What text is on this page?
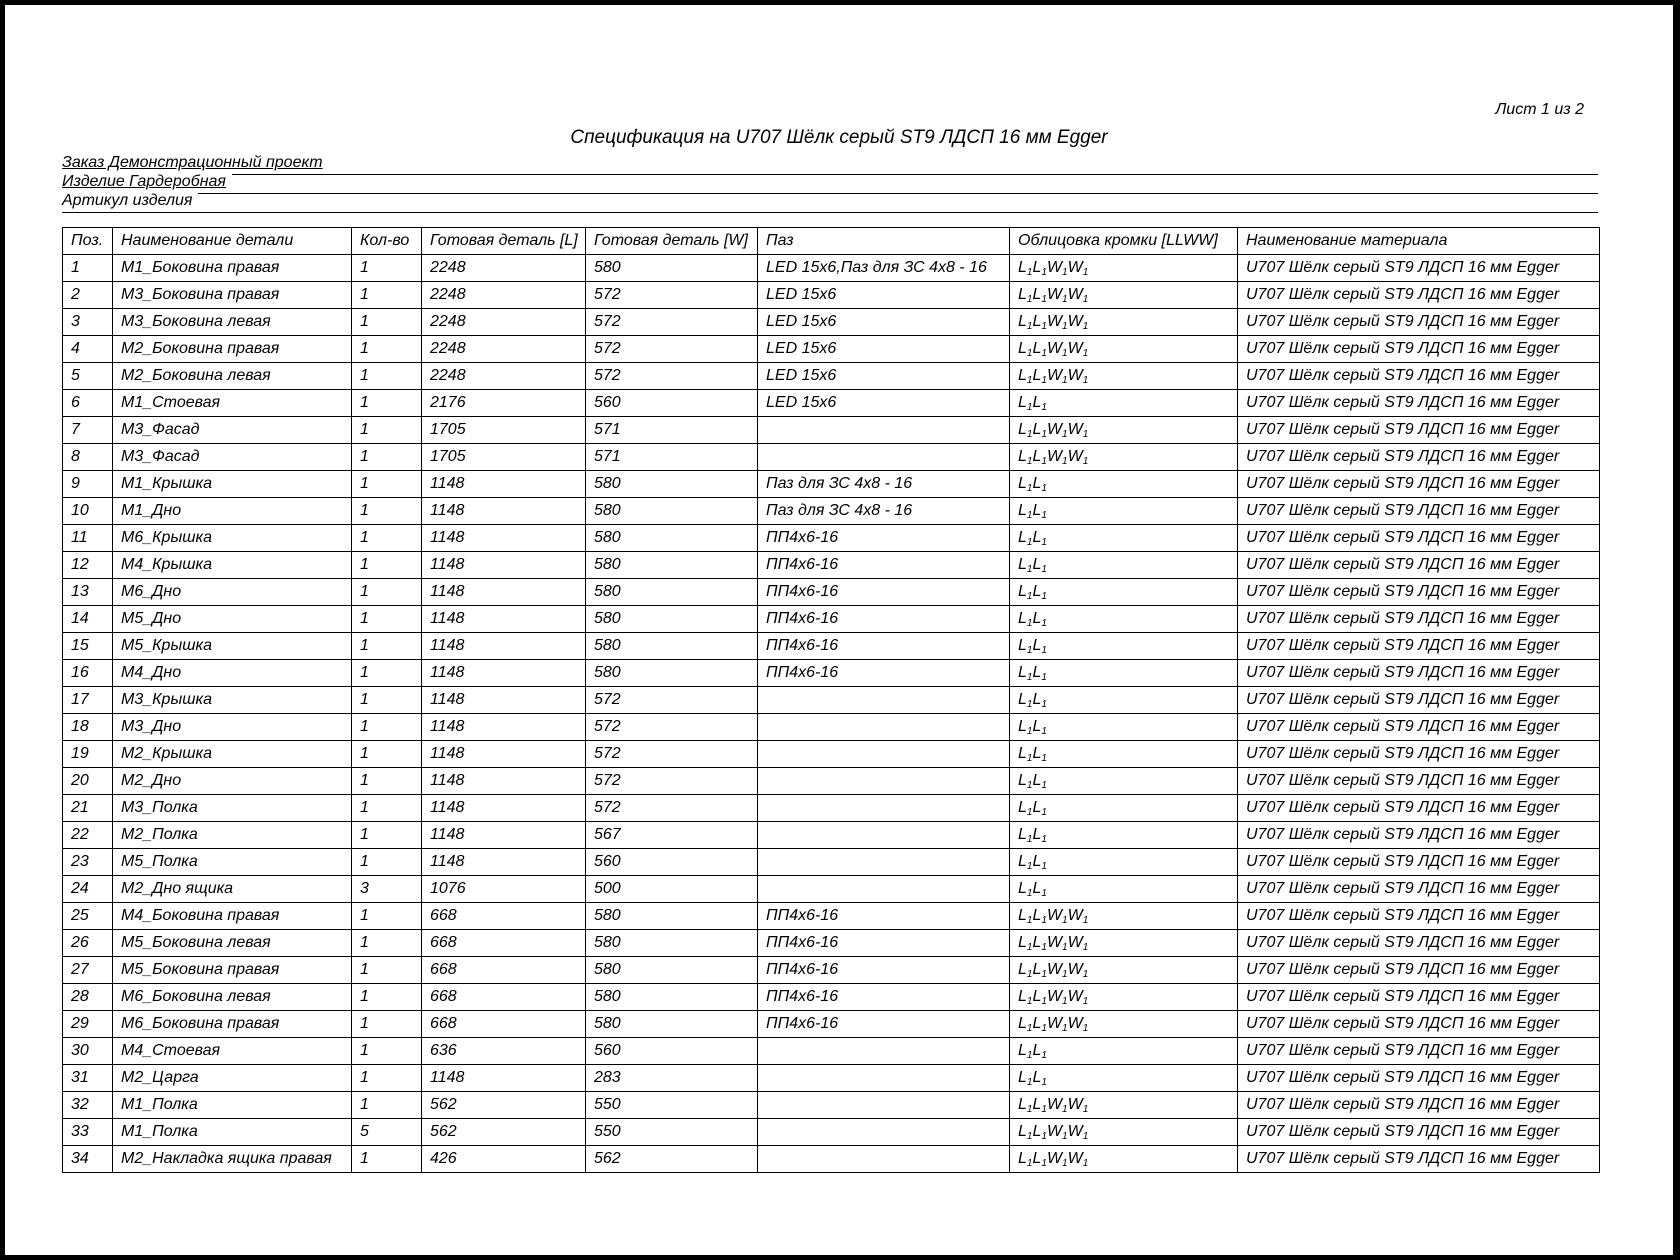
Лист 1 из 2
Спецификация на U707 Шёлк серый ST9 ЛДСП 16 мм Egger
Заказ Демонстрационный проект
Изделие Гардеробная
Артикул изделия
Поз.	Наименование детали	Кол-во	Готовая деталь [L]	Готовая деталь [W]	Паз	Облицовка кромки [LLWW]	Наименование материала
1	М1_Боковина правая	1	2248	580	LED 15x6,Паз для ЗС 4х8 - 16	$L_1L_1W_1W_1$	U707 Шёлк серый ST9 ЛДСП 16 мм Egger
2	М3_Боковина правая	1	2248	572	LED 15x6	$L_1L_1W_1W_1$	U707 Шёлк серый ST9 ЛДСП 16 мм Egger
3	М3_Боковина левая	1	2248	572	LED 15x6	$L_1L_1W_1W_1$	U707 Шёлк серый ST9 ЛДСП 16 мм Egger
4	М2_Боковина правая	1	2248	572	LED 15x6	$L_1L_1W_1W_1$	U707 Шёлк серый ST9 ЛДСП 16 мм Egger
5	М2_Боковина левая	1	2248	572	LED 15x6	$L_1L_1W_1W_1$	U707 Шёлк серый ST9 ЛДСП 16 мм Egger
6	М1_Стоевая	1	2176	560	LED 15x6	$L_1L_1$	U707 Шёлк серый ST9 ЛДСП 16 мм Egger
7	М3_Фасад	1	1705	571		$L_1L_1W_1W_1$	U707 Шёлк серый ST9 ЛДСП 16 мм Egger
8	М3_Фасад	1	1705	571		$L_1L_1W_1W_1$	U707 Шёлк серый ST9 ЛДСП 16 мм Egger
9	М1_Крышка	1	1148	580	Паз для ЗС 4х8 - 16	$L_1L_1$	U707 Шёлк серый ST9 ЛДСП 16 мм Egger
10	М1_Дно	1	1148	580	Паз для ЗС 4х8 - 16	$L_1L_1$	U707 Шёлк серый ST9 ЛДСП 16 мм Egger
11	М6_Крышка	1	1148	580	ПП4х6-16	$L_1L_1$	U707 Шёлк серый ST9 ЛДСП 16 мм Egger
12	М4_Крышка	1	1148	580	ПП4х6-16	$L_1L_1$	U707 Шёлк серый ST9 ЛДСП 16 мм Egger
13	М6_Дно	1	1148	580	ПП4х6-16	$L_1L_1$	U707 Шёлк серый ST9 ЛДСП 16 мм Egger
14	М5_Дно	1	1148	580	ПП4х6-16	$L_1L_1$	U707 Шёлк серый ST9 ЛДСП 16 мм Egger
15	М5_Крышка	1	1148	580	ПП4х6-16	$L_1L_1$	U707 Шёлк серый ST9 ЛДСП 16 мм Egger
16	М4_Дно	1	1148	580	ПП4х6-16	$L_1L_1$	U707 Шёлк серый ST9 ЛДСП 16 мм Egger
17	М3_Крышка	1	1148	572		$L_1L_1$	U707 Шёлк серый ST9 ЛДСП 16 мм Egger
18	М3_Дно	1	1148	572		$L_1L_1$	U707 Шёлк серый ST9 ЛДСП 16 мм Egger
19	М2_Крышка	1	1148	572		$L_1L_1$	U707 Шёлк серый ST9 ЛДСП 16 мм Egger
20	М2_Дно	1	1148	572		$L_1L_1$	U707 Шёлк серый ST9 ЛДСП 16 мм Egger
21	М3_Полка	1	1148	572		$L_1L_1$	U707 Шёлк серый ST9 ЛДСП 16 мм Egger
22	М2_Полка	1	1148	567		$L_1L_1$	U707 Шёлк серый ST9 ЛДСП 16 мм Egger
23	М5_Полка	1	1148	560		$L_1L_1$	U707 Шёлк серый ST9 ЛДСП 16 мм Egger
24	М2_Дно ящика	3	1076	500		$L_1L_1$	U707 Шёлк серый ST9 ЛДСП 16 мм Egger
25	М4_Боковина правая	1	668	580	ПП4х6-16	$L_1L_1W_1W_1$	U707 Шёлк серый ST9 ЛДСП 16 мм Egger
26	М5_Боковина левая	1	668	580	ПП4х6-16	$L_1L_1W_1W_1$	U707 Шёлк серый ST9 ЛДСП 16 мм Egger
27	М5_Боковина правая	1	668	580	ПП4х6-16	$L_1L_1W_1W_1$	U707 Шёлк серый ST9 ЛДСП 16 мм Egger
28	М6_Боковина левая	1	668	580	ПП4х6-16	$L_1L_1W_1W_1$	U707 Шёлк серый ST9 ЛДСП 16 мм Egger
29	М6_Боковина правая	1	668	580	ПП4х6-16	$L_1L_1W_1W_1$	U707 Шёлк серый ST9 ЛДСП 16 мм Egger
30	М4_Стоевая	1	636	560		$L_1L_1$	U707 Шёлк серый ST9 ЛДСП 16 мм Egger
31	М2_Царга	1	1148	283		$L_1L_1$	U707 Шёлк серый ST9 ЛДСП 16 мм Egger
32	М1_Полка	1	562	550		$L_1L_1W_1W_1$	U707 Шёлк серый ST9 ЛДСП 16 мм Egger
33	М1_Полка	5	562	550		$L_1L_1W_1W_1$	U707 Шёлк серый ST9 ЛДСП 16 мм Egger
34	М2_Накладка ящика правая	1	426	562		$L_1L_1W_1W_1$	U707 Шёлк серый ST9 ЛДСП 16 мм Egger
